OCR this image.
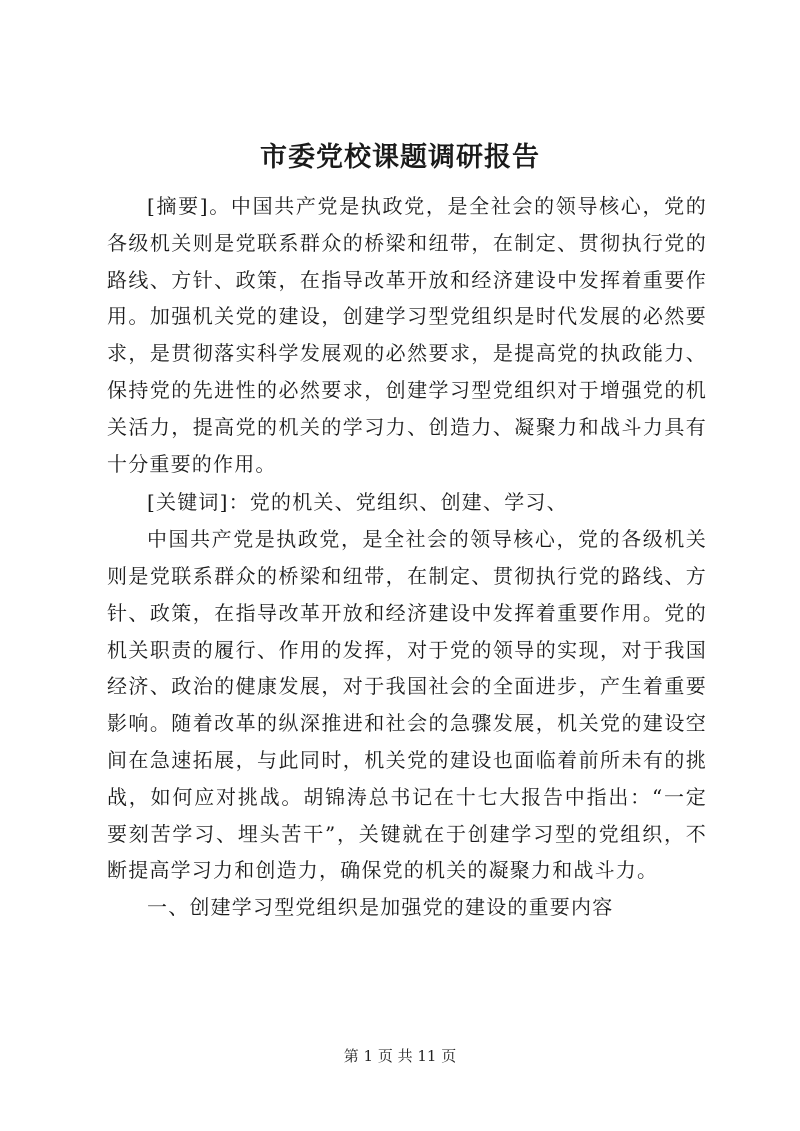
市委党校课题调研报告

[摘要]。中国共产党是执政党，是全社会的领导核心，党的各级机关则是党联系群众的桥梁和纽带，在制定、贯彻执行党的路线、方针、政策，在指导改革开放和经济建设中发挥着重要作用。加强机关党的建设，创建学习型党组织是时代发展的必然要求，是贯彻落实科学发展观的必然要求，是提高党的执政能力、保持党的先进性的必然要求，创建学习型党组织对于增强党的机关活力，提高党的机关的学习力、创造力、凝聚力和战斗力具有十分重要的作用。

[关键词]：党的机关、党组织、创建、学习、

中国共产党是执政党，是全社会的领导核心，党的各级机关则是党联系群众的桥梁和纽带，在制定、贯彻执行党的路线、方针、政策，在指导改革开放和经济建设中发挥着重要作用。党的机关职责的履行、作用的发挥，对于党的领导的实现，对于我国经济、政治的健康发展，对于我国社会的全面进步，产生着重要影响。随着改革的纵深推进和社会的急骤发展，机关党的建设空间在急速拓展，与此同时，机关党的建设也面临着前所未有的挑战，如何应对挑战。胡锦涛总书记在十七大报告中指出：“一定要刻苦学习、埋头苦干”，关键就在于创建学习型的党组织，不断提高学习力和创造力，确保党的机关的凝聚力和战斗力。

一、创建学习型党组织是加强党的建设的重要内容

第 1 页 共 11 页
